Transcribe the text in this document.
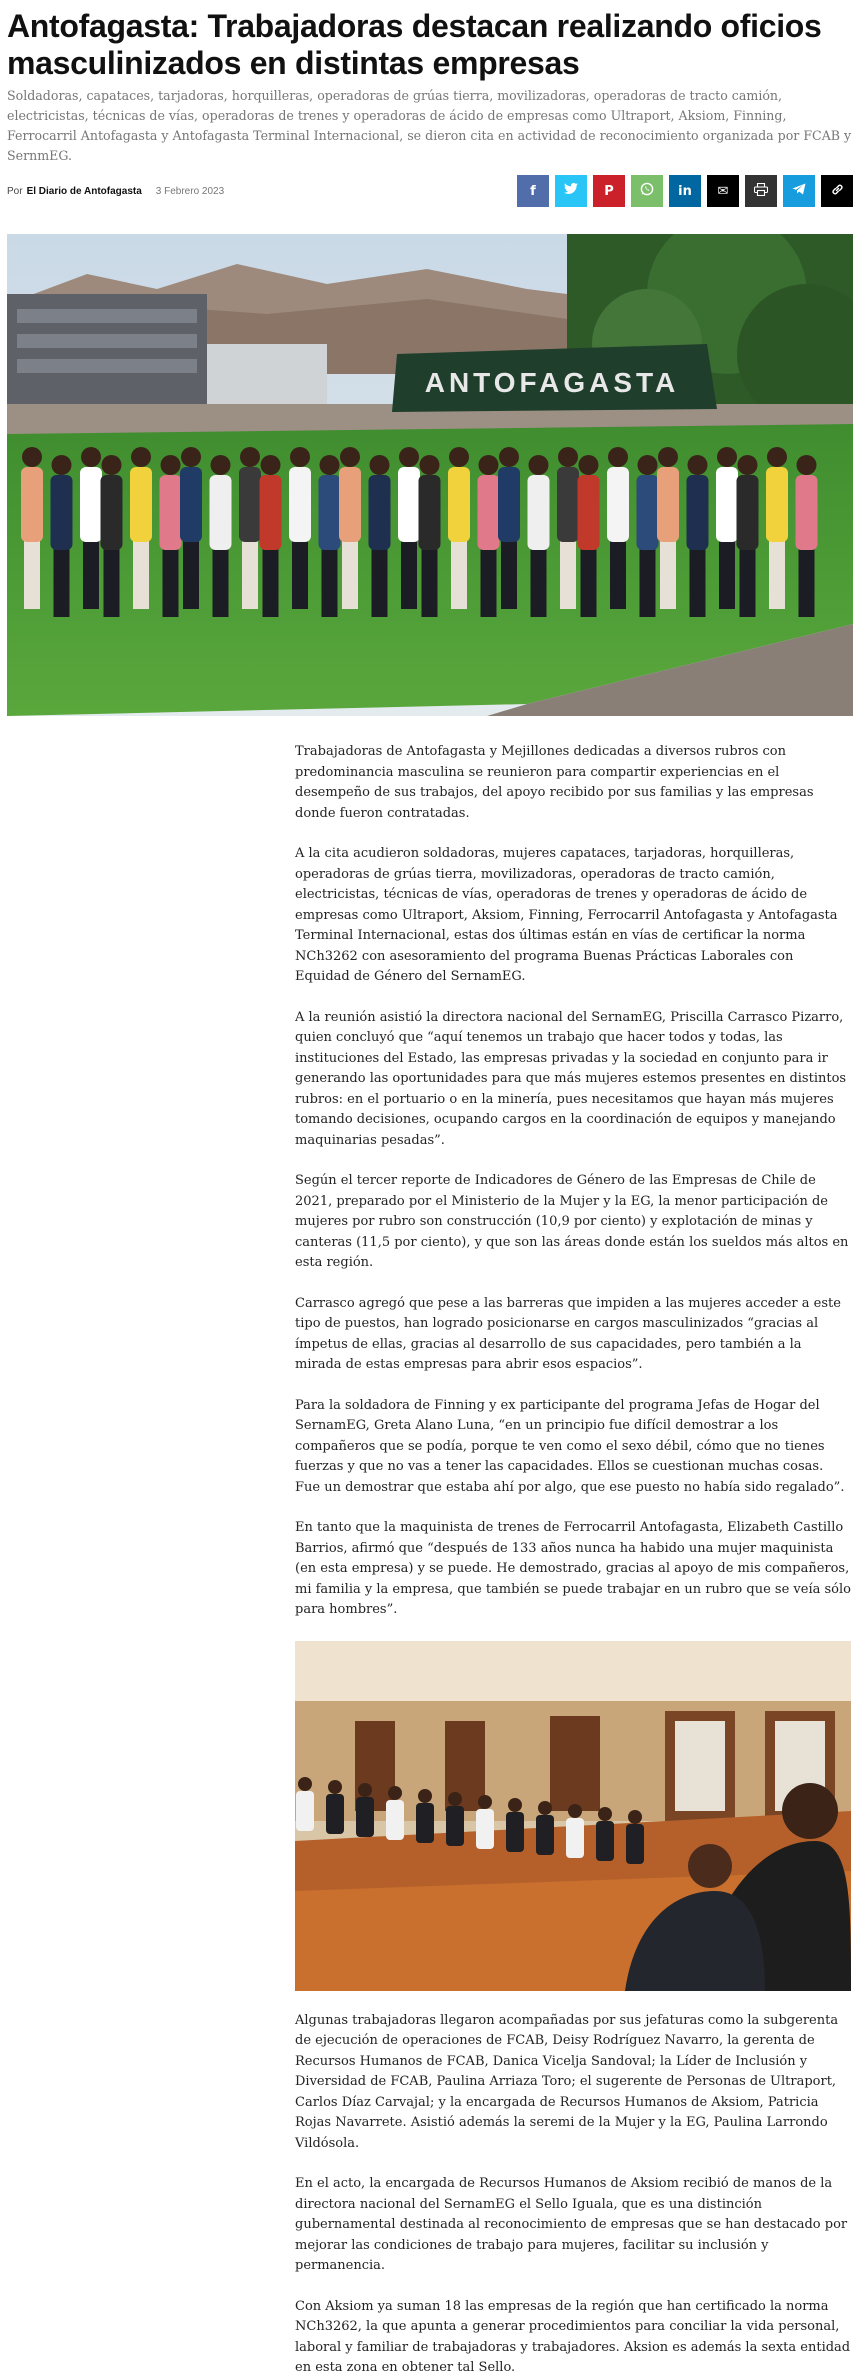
Antofagasta: Trabajadoras destacan realizando oficios masculinizados en distintas empresas

Soldadoras, capataces, tarjadoras, horquilleras, operadoras de grúas tierra, movilizadoras, operadoras de tracto camión, electricistas, técnicas de vías, operadoras de trenes y operadoras de ácido de empresas como Ultraport, Aksiom, Finning, Ferrocarril Antofagasta y Antofagasta Terminal Internacional, se dieron cita en actividad de reconocimiento organizada por FCAB y SernmEG.

Por El Diario de Antofagasta 3 Febrero 2023	f	P	in ✉
ANTOFAGASTA

Trabajadoras de Antofagasta y Mejillones dedicadas a diversos rubros con predominancia masculina se reunieron para compartir experiencias en el desempeño de sus trabajos, del apoyo recibido por sus familias y las empresas donde fueron contratadas.

A la cita acudieron soldadoras, mujeres capataces, tarjadoras, horquilleras, operadoras de grúas tierra, movilizadoras, operadoras de tracto camión, electricistas, técnicas de vías, operadoras de trenes y operadoras de ácido de empresas como Ultraport, Aksiom, Finning, Ferrocarril Antofagasta y Antofagasta Terminal Internacional, estas dos últimas están en vías de certificar la norma NCh3262 con asesoramiento del programa Buenas Prácticas Laborales con Equidad de Género del SernamEG.

A la reunión asistió la directora nacional del SernamEG, Priscilla Carrasco Pizarro, quien concluyó que “aquí tenemos un trabajo que hacer todos y todas, las instituciones del Estado, las empresas privadas y la sociedad en conjunto para ir generando las oportunidades para que más mujeres estemos presentes en distintos rubros: en el portuario o en la minería, pues necesitamos que hayan más mujeres tomando decisiones, ocupando cargos en la coordinación de equipos y manejando maquinarias pesadas”.

Según el tercer reporte de Indicadores de Género de las Empresas de Chile de 2021, preparado por el Ministerio de la Mujer y la EG, la menor participación de mujeres por rubro son construcción (10,9 por ciento) y explotación de minas y canteras (11,5 por ciento), y que son las áreas donde están los sueldos más altos en esta región.

Carrasco agregó que pese a las barreras que impiden a las mujeres acceder a este tipo de puestos, han logrado posicionarse en cargos masculinizados “gracias al ímpetus de ellas, gracias al desarrollo de sus capacidades, pero también a la mirada de estas empresas para abrir esos espacios”.

Para la soldadora de Finning y ex participante del programa Jefas de Hogar del SernamEG, Greta Alano Luna, “en un principio fue difícil demostrar a los compañeros que se podía, porque te ven como el sexo débil, cómo que no tienes fuerzas y que no vas a tener las capacidades. Ellos se cuestionan muchas cosas. Fue un demostrar que estaba ahí por algo, que ese puesto no había sido regalado”.

En tanto que la maquinista de trenes de Ferrocarril Antofagasta, Elizabeth Castillo Barrios, afirmó que “después de 133 años nunca ha habido una mujer maquinista (en esta empresa) y se puede. He demostrado, gracias al apoyo de mis compañeros, mi familia y la empresa, que también se puede trabajar en un rubro que se veía sólo para hombres”.

Algunas trabajadoras llegaron acompañadas por sus jefaturas como la subgerenta de ejecución de operaciones de FCAB, Deisy Rodríguez Navarro, la gerenta de Recursos Humanos de FCAB, Danica Vicelja Sandoval; la Líder de Inclusión y Diversidad de FCAB, Paulina Arriaza Toro; el sugerente de Personas de Ultraport, Carlos Díaz Carvajal; y la encargada de Recursos Humanos de Aksiom, Patricia Rojas Navarrete. Asistió además la seremi de la Mujer y la EG, Paulina Larrondo Vildósola.

En el acto, la encargada de Recursos Humanos de Aksiom recibió de manos de la directora nacional del SernamEG el Sello Iguala, que es una distinción gubernamental destinada al reconocimiento de empresas que se han destacado por mejorar las condiciones de trabajo para mujeres, facilitar su inclusión y permanencia.

Con Aksiom ya suman 18 las empresas de la región que han certificado la norma NCh3262, la que apunta a generar procedimientos para conciliar la vida personal, laboral y familiar de trabajadoras y trabajadores. Aksion es además la sexta entidad en esta zona en obtener tal Sello.
